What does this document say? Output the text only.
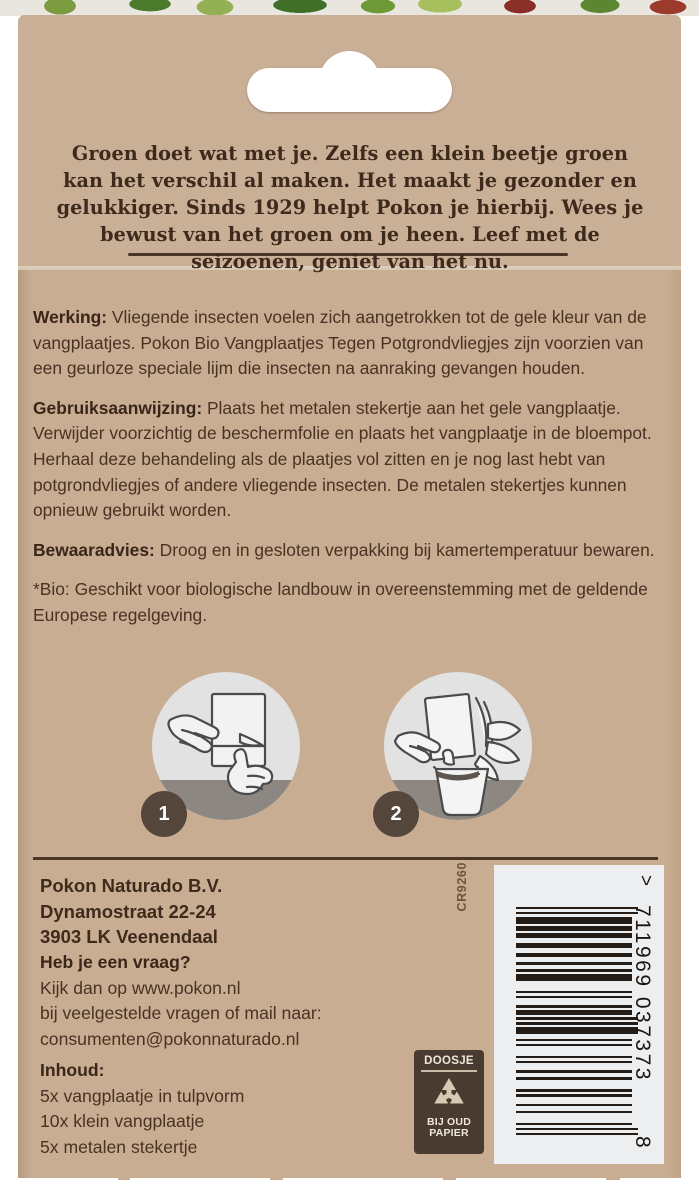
Groen doet wat met je. Zelfs een klein beetje groen kan het verschil al maken. Het maakt je gezonder en gelukkiger. Sinds 1929 helpt Pokon je hierbij. Wees je bewust van het groen om je heen. Leef met de seizoenen, geniet van het nu.

Werking: Vliegende insecten voelen zich aangetrokken tot de gele kleur van de vangplaatjes. Pokon Bio Vangplaatjes Tegen Potgrondvliegjes zijn voorzien van een geurloze speciale lijm die insecten na aanraking gevangen houden.

Gebruiksaanwijzing: Plaats het metalen stekertje aan het gele vangplaatje. Verwijder voorzichtig de beschermfolie en plaats het vangplaatje in de bloempot. Herhaal deze behandeling als de plaatjes vol zitten en je nog last hebt van potgrondvliegjes of andere vliegende insecten. De metalen stekertjes kunnen opnieuw gebruikt worden.

Bewaaradvies: Droog en in gesloten verpakking bij kamertemperatuur bewaren.

*Bio: Geschikt voor biologische landbouw in overeenstemming met de geldende Europese regelgeving.

1	2
Pokon Naturado B.V.
Dynamostraat 22-24
3903 LK Veenendaal
Heb je een vraag?
Kijk dan op www.pokon.nl
bij veelgestelde vragen of mail naar:
consumenten@pokonnaturado.nl
Inhoud:
5x vangplaatje in tulpvorm
10x klein vangplaatje
5x metalen stekertje
CR9260
DOOSJE
BIJ OUD
PAPIER
>
711969 037373
8
